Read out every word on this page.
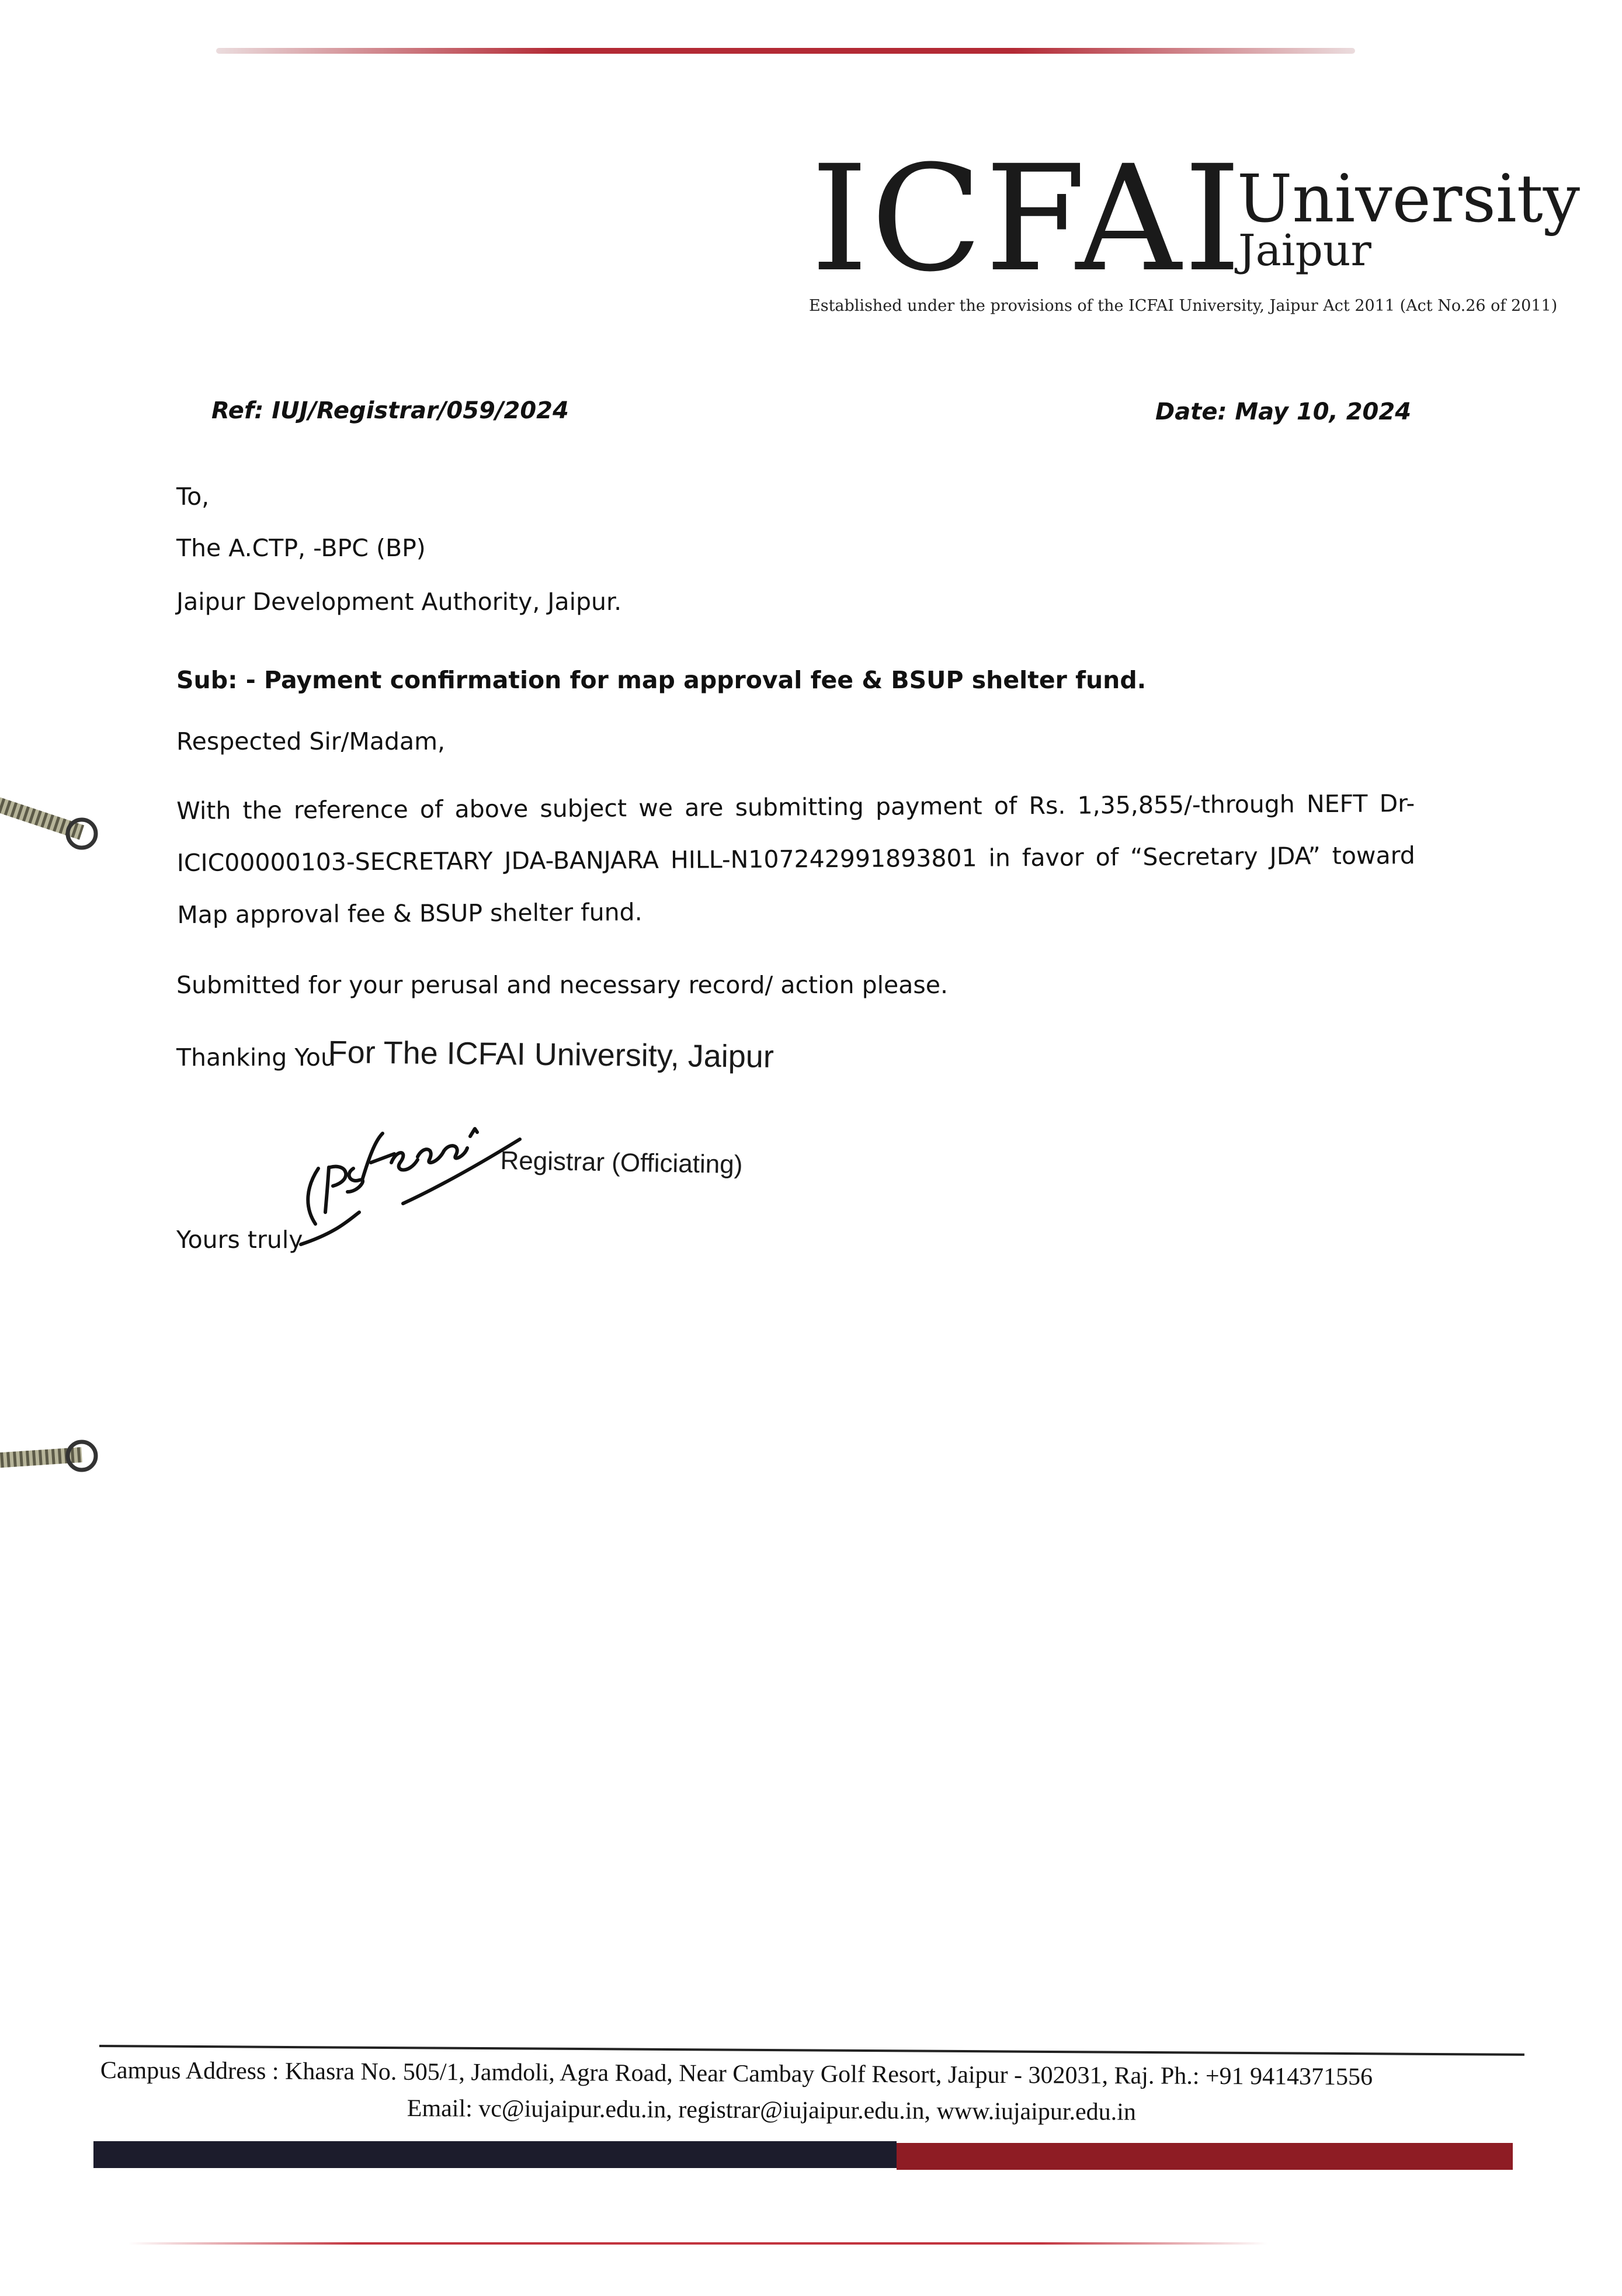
ICFAI
University
Jaipur
Established under the provisions of the ICFAI University, Jaipur Act 2011 (Act No.26 of 2011)
Ref: IUJ/Registrar/059/2024	Date: May 10, 2024
To,
The A.CTP, -BPC (BP)
Jaipur Development Authority, Jaipur.
Sub: - Payment confirmation for map approval fee & BSUP shelter fund.
Respected Sir/Madam,
With the reference of above subject we are submitting payment of Rs. 1,35,855/-through NEFT Dr-ICIC00000103-SECRETARY JDA-BANJARA HILL-N107242991893801 in favor of “Secretary JDA” toward Map approval fee & BSUP shelter fund.
Submitted for your perusal and necessary record/ action please.
Thanking You
For The ICFAI University, Jaipur
Registrar (Officiating)
Yours truly
Campus Address : Khasra No. 505/1, Jamdoli, Agra Road, Near Cambay Golf Resort, Jaipur - 302031, Raj. Ph.: +91 9414371556
Email: vc@iujaipur.edu.in, registrar@iujaipur.edu.in, www.iujaipur.edu.in
